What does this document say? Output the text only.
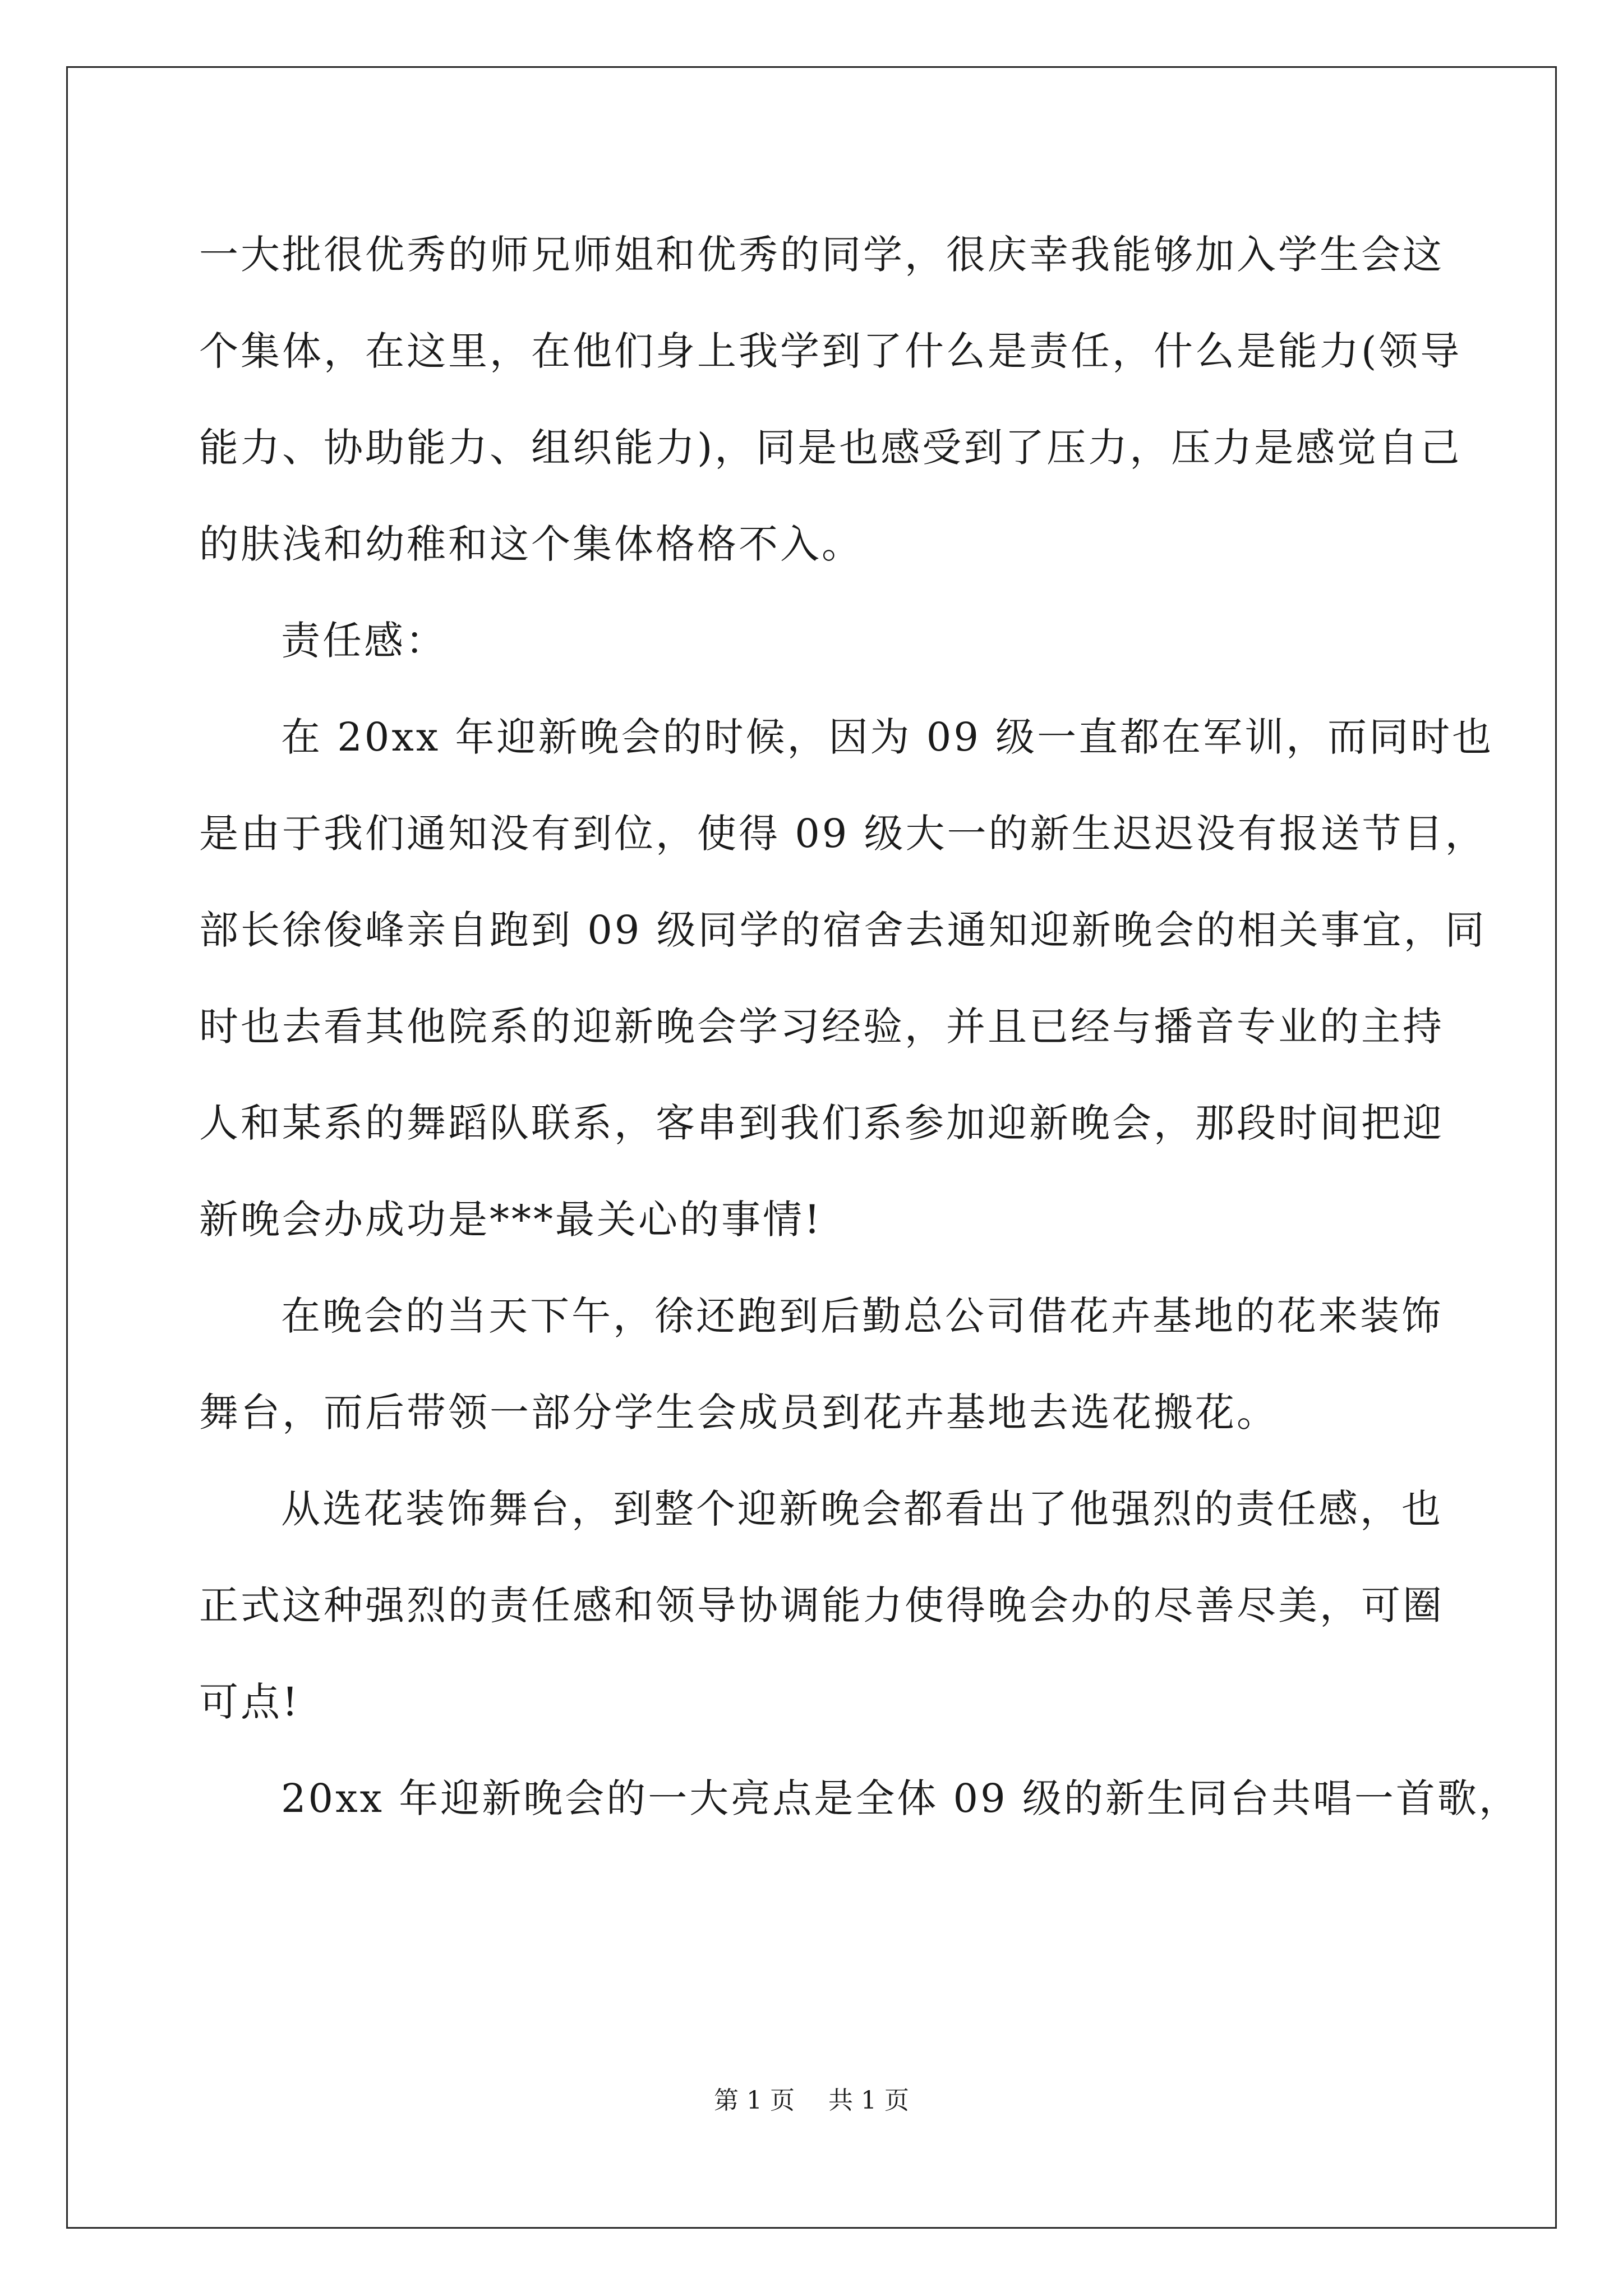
一大批很优秀的师兄师姐和优秀的同学，很庆幸我能够加入学生会这
个集体，在这里，在他们身上我学到了什么是责任，什么是能力(领导
能力、协助能力、组织能力)，同是也感受到了压力，压力是感觉自己
的肤浅和幼稚和这个集体格格不入。
责任感：
在 20xx 年迎新晚会的时候，因为 09 级一直都在军训，而同时也
是由于我们通知没有到位，使得 09 级大一的新生迟迟没有报送节目，
部长徐俊峰亲自跑到 09 级同学的宿舍去通知迎新晚会的相关事宜，同
时也去看其他院系的迎新晚会学习经验，并且已经与播音专业的主持
人和某系的舞蹈队联系，客串到我们系参加迎新晚会，那段时间把迎
新晚会办成功是***最关心的事情!
在晚会的当天下午，徐还跑到后勤总公司借花卉基地的花来装饰
舞台，而后带领一部分学生会成员到花卉基地去选花搬花。
从选花装饰舞台，到整个迎新晚会都看出了他强烈的责任感，也
正式这种强烈的责任感和领导协调能力使得晚会办的尽善尽美，可圈
可点!
20xx 年迎新晚会的一大亮点是全体 09 级的新生同台共唱一首歌，
第 1 页 共 1 页
